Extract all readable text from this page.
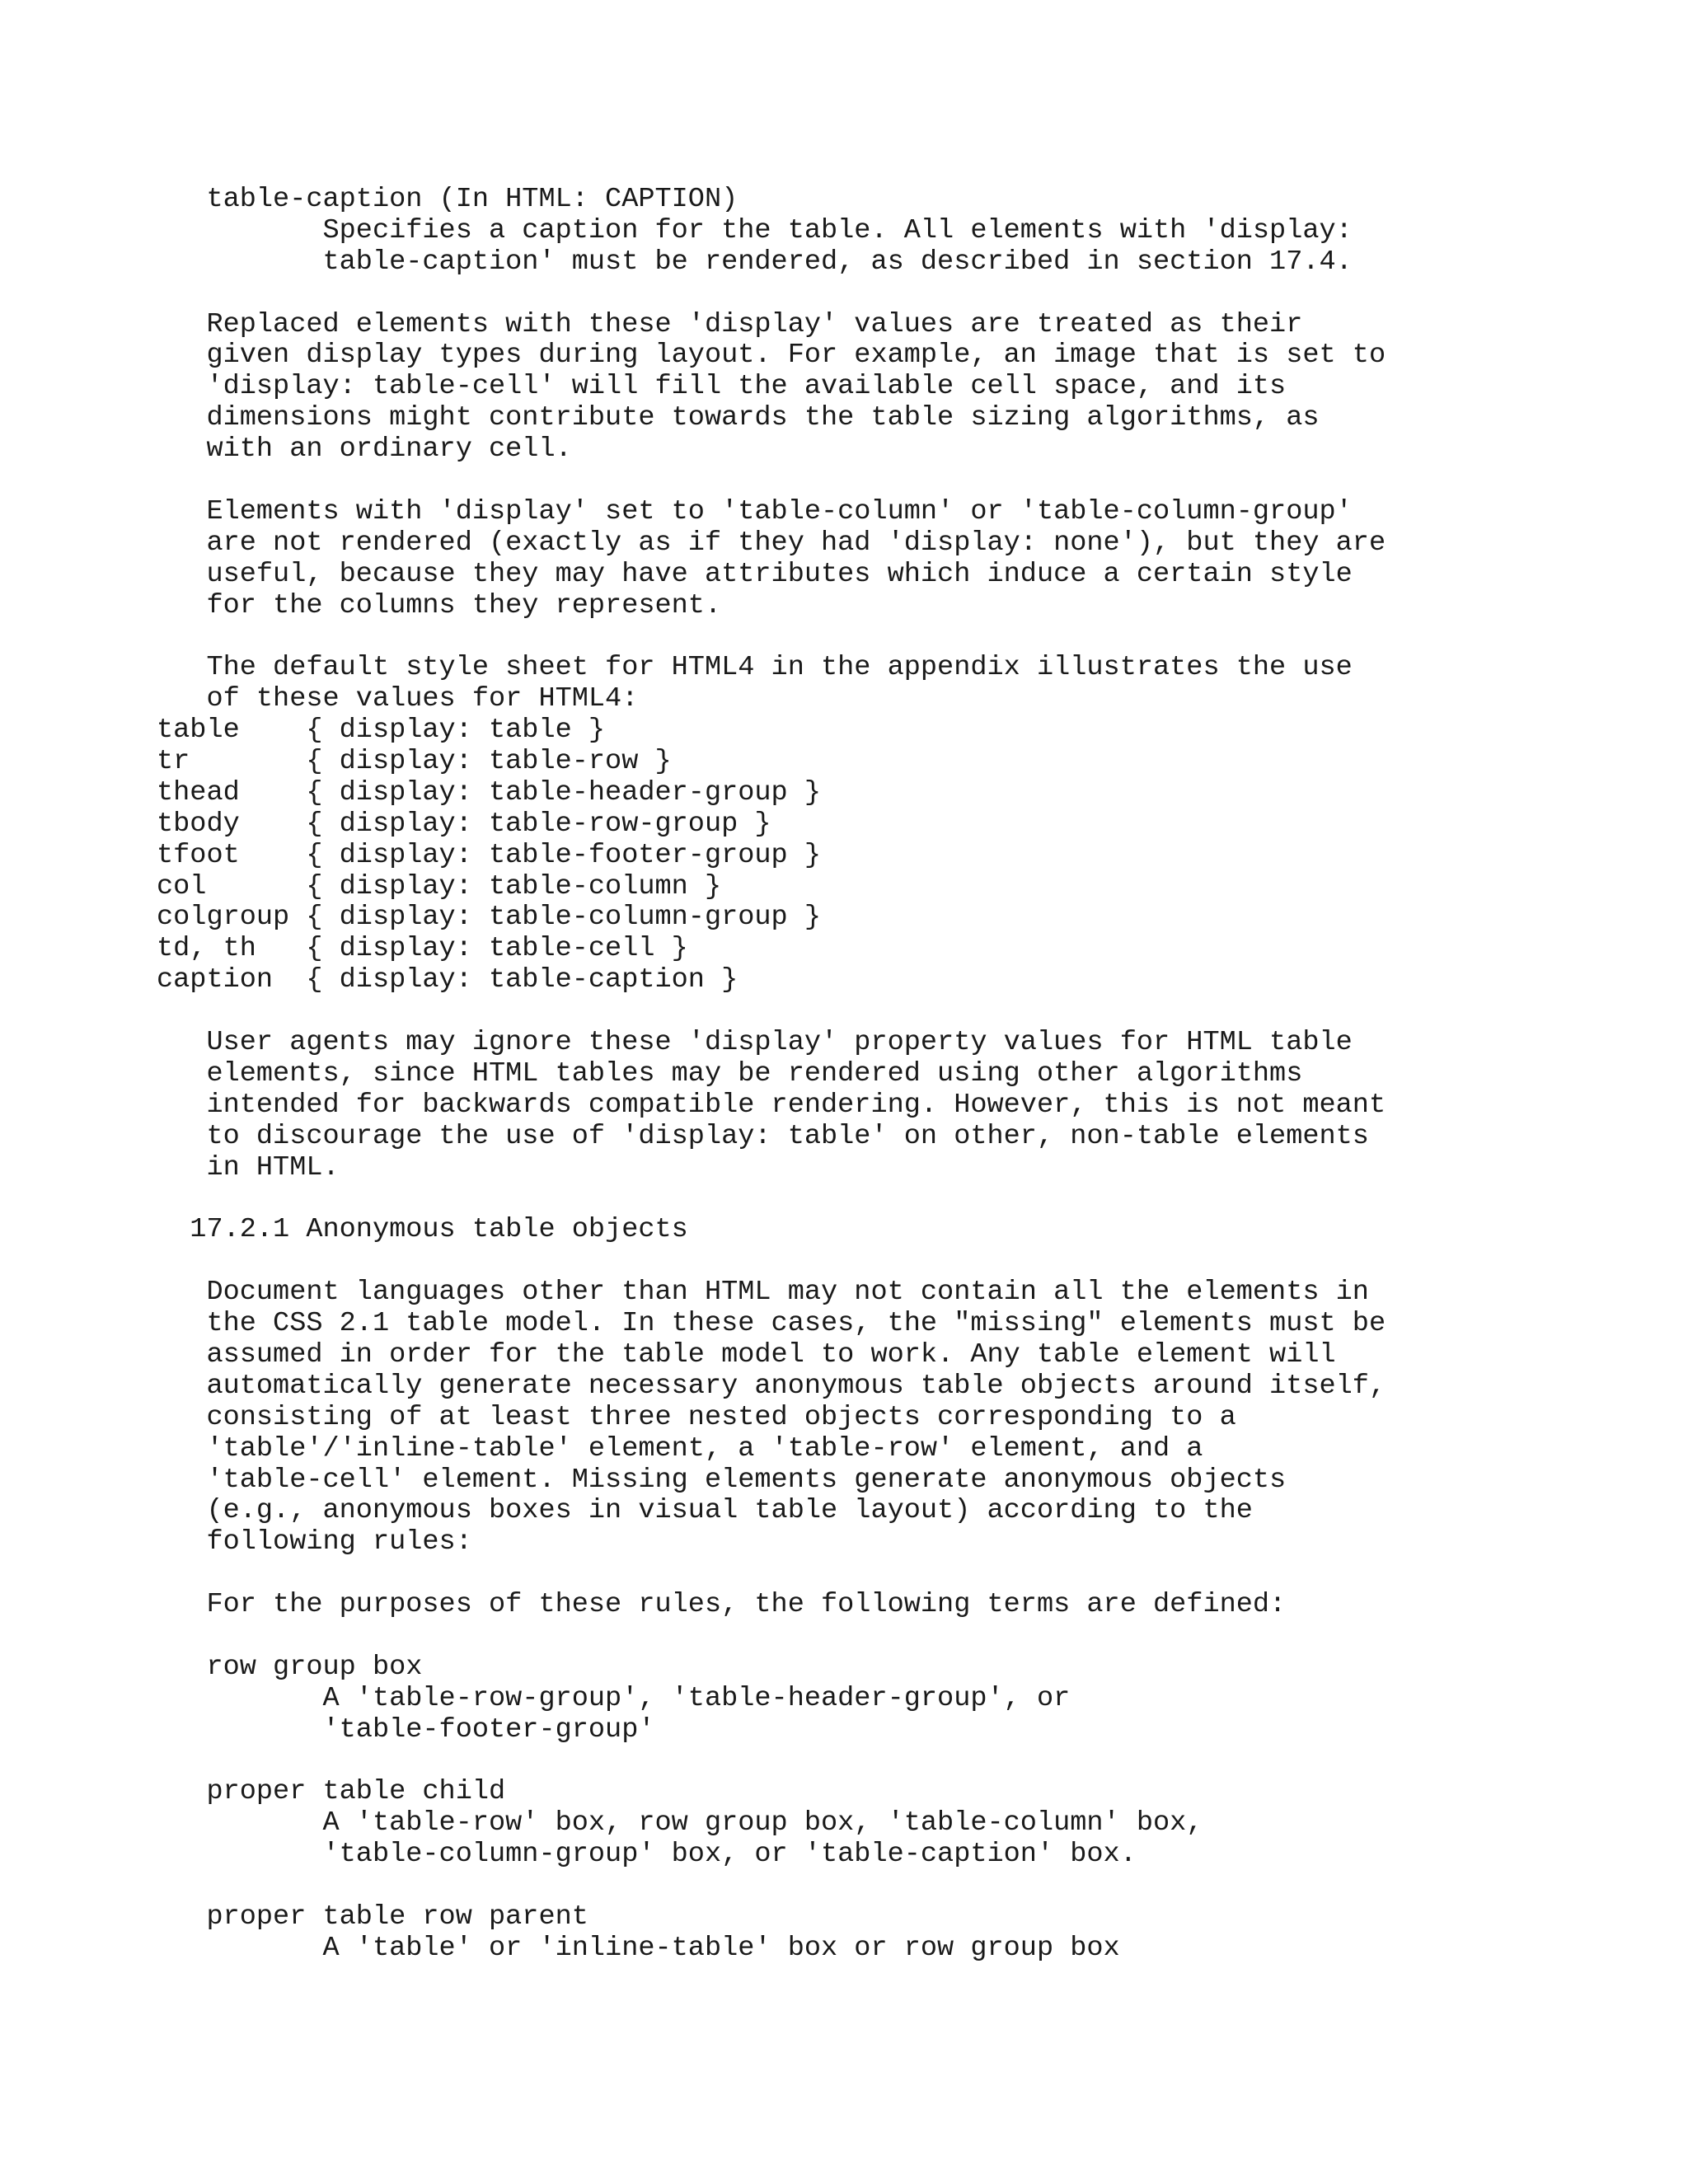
table-caption (In HTML: CAPTION)
Specifies a caption for the table. All elements with 'display:
table-caption' must be rendered, as described in section 17.4.
Replaced elements with these 'display' values are treated as their
given display types during layout. For example, an image that is set to
'display: table-cell' will fill the available cell space, and its
dimensions might contribute towards the table sizing algorithms, as
with an ordinary cell.
Elements with 'display' set to 'table-column' or 'table-column-group'
are not rendered (exactly as if they had 'display: none'), but they are
useful, because they may have attributes which induce a certain style
for the columns they represent.
The default style sheet for HTML4 in the appendix illustrates the use
of these values for HTML4:
table    { display: table }
tr       { display: table-row }
thead    { display: table-header-group }
tbody    { display: table-row-group }
tfoot    { display: table-footer-group }
col      { display: table-column }
colgroup { display: table-column-group }
td, th   { display: table-cell }
caption  { display: table-caption }
User agents may ignore these 'display' property values for HTML table
elements, since HTML tables may be rendered using other algorithms
intended for backwards compatible rendering. However, this is not meant
to discourage the use of 'display: table' on other, non-table elements
in HTML.
17.2.1 Anonymous table objects
Document languages other than HTML may not contain all the elements in
the CSS 2.1 table model. In these cases, the "missing" elements must be
assumed in order for the table model to work. Any table element will
automatically generate necessary anonymous table objects around itself,
consisting of at least three nested objects corresponding to a
'table'/'inline-table' element, a 'table-row' element, and a
'table-cell' element. Missing elements generate anonymous objects
(e.g., anonymous boxes in visual table layout) according to the
following rules:
For the purposes of these rules, the following terms are defined:
row group box
A 'table-row-group', 'table-header-group', or
'table-footer-group'
proper table child
A 'table-row' box, row group box, 'table-column' box,
'table-column-group' box, or 'table-caption' box.
proper table row parent
A 'table' or 'inline-table' box or row group box
